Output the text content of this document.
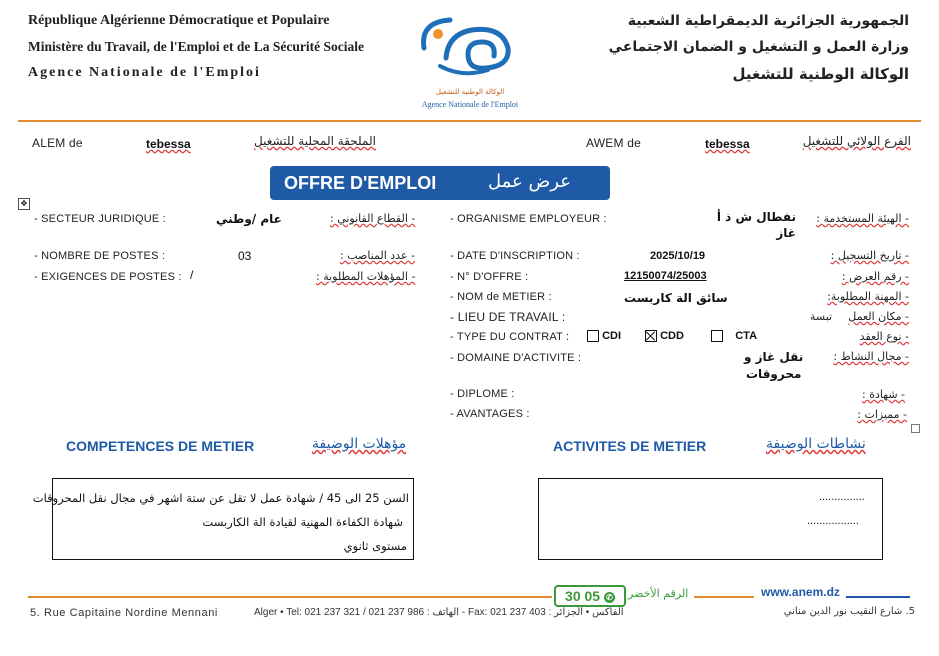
République Algérienne Démocratique et Populaire
Ministère du Travail, de l'Emploi et de La Sécurité Sociale
Agence Nationale de l'Emploi
الوكالة الوطنية للتشغيل
Agence Nationale de l'Emploi
الجمهورية الجزائرية الديمقراطية الشعبية
وزارة العمل و التشغيل و الضمان الاجتماعي
الوكالة الوطنية للتشغيل
ALEM de	tebessa	الملحقة المحلية للتشغيل	AWEM de	tebessa	الفرع الولائي للتشغيل
OFFRE D'EMPLOI	عرض عمل
✥
- SECTEUR JURIDIQUE :	عام /وطني	- القطاع القانوني :
- NOMBRE DE POSTES :	03	- عدد المناصب :
- EXIGENCES DE POSTES : /	- المؤهلات المطلوبة :
- ORGANISME EMPLOYEUR :	نفطال ش ذ أ غاز
- الهيئة المستخدمة :
- DATE D'INSCRIPTION :	2025/10/19	- تاريخ التسجيل :
- N° D'OFFRE :	12150074/25003	- رقم العرض :
- NOM de METIER :	سائق الة كاربست	- المهنة المطلوبة:
- LIEU DE TRAVAIL :	تبسة - مكان العمل
- TYPE DU CONTRAT :	CDI	CDD	CTA	- نوع العقد
- DOMAINE D'ACTIVITE :	نقل غاز و
محروقات
- مجال النشاط :
- DIPLOME :	- شهادة :
- AVANTAGES :	- مميزات :
COMPETENCES DE METIER	مؤهلات الوضيفة	ACTIVITES DE METIER	نشاطات الوضيفة
السن 25 الى 45 / شهادة عمل لا تقل عن ستة اشهر في مجال نقل المحروقات
شهادة الكفاءة المهنية لقيادة الة الكاربست
مستوى ثانوي
...............
.................
30 05 ✆	الرقم الأخضر	www.anem.dz
5. Rue Capitaine Nordine Mennani	Alger • Tel: 021 237 321 / 021 237 986 : الهاتف - Fax: 021 237 403 : الفاكس • الجزائر	5. شارع النقيب نور الدين مناني
